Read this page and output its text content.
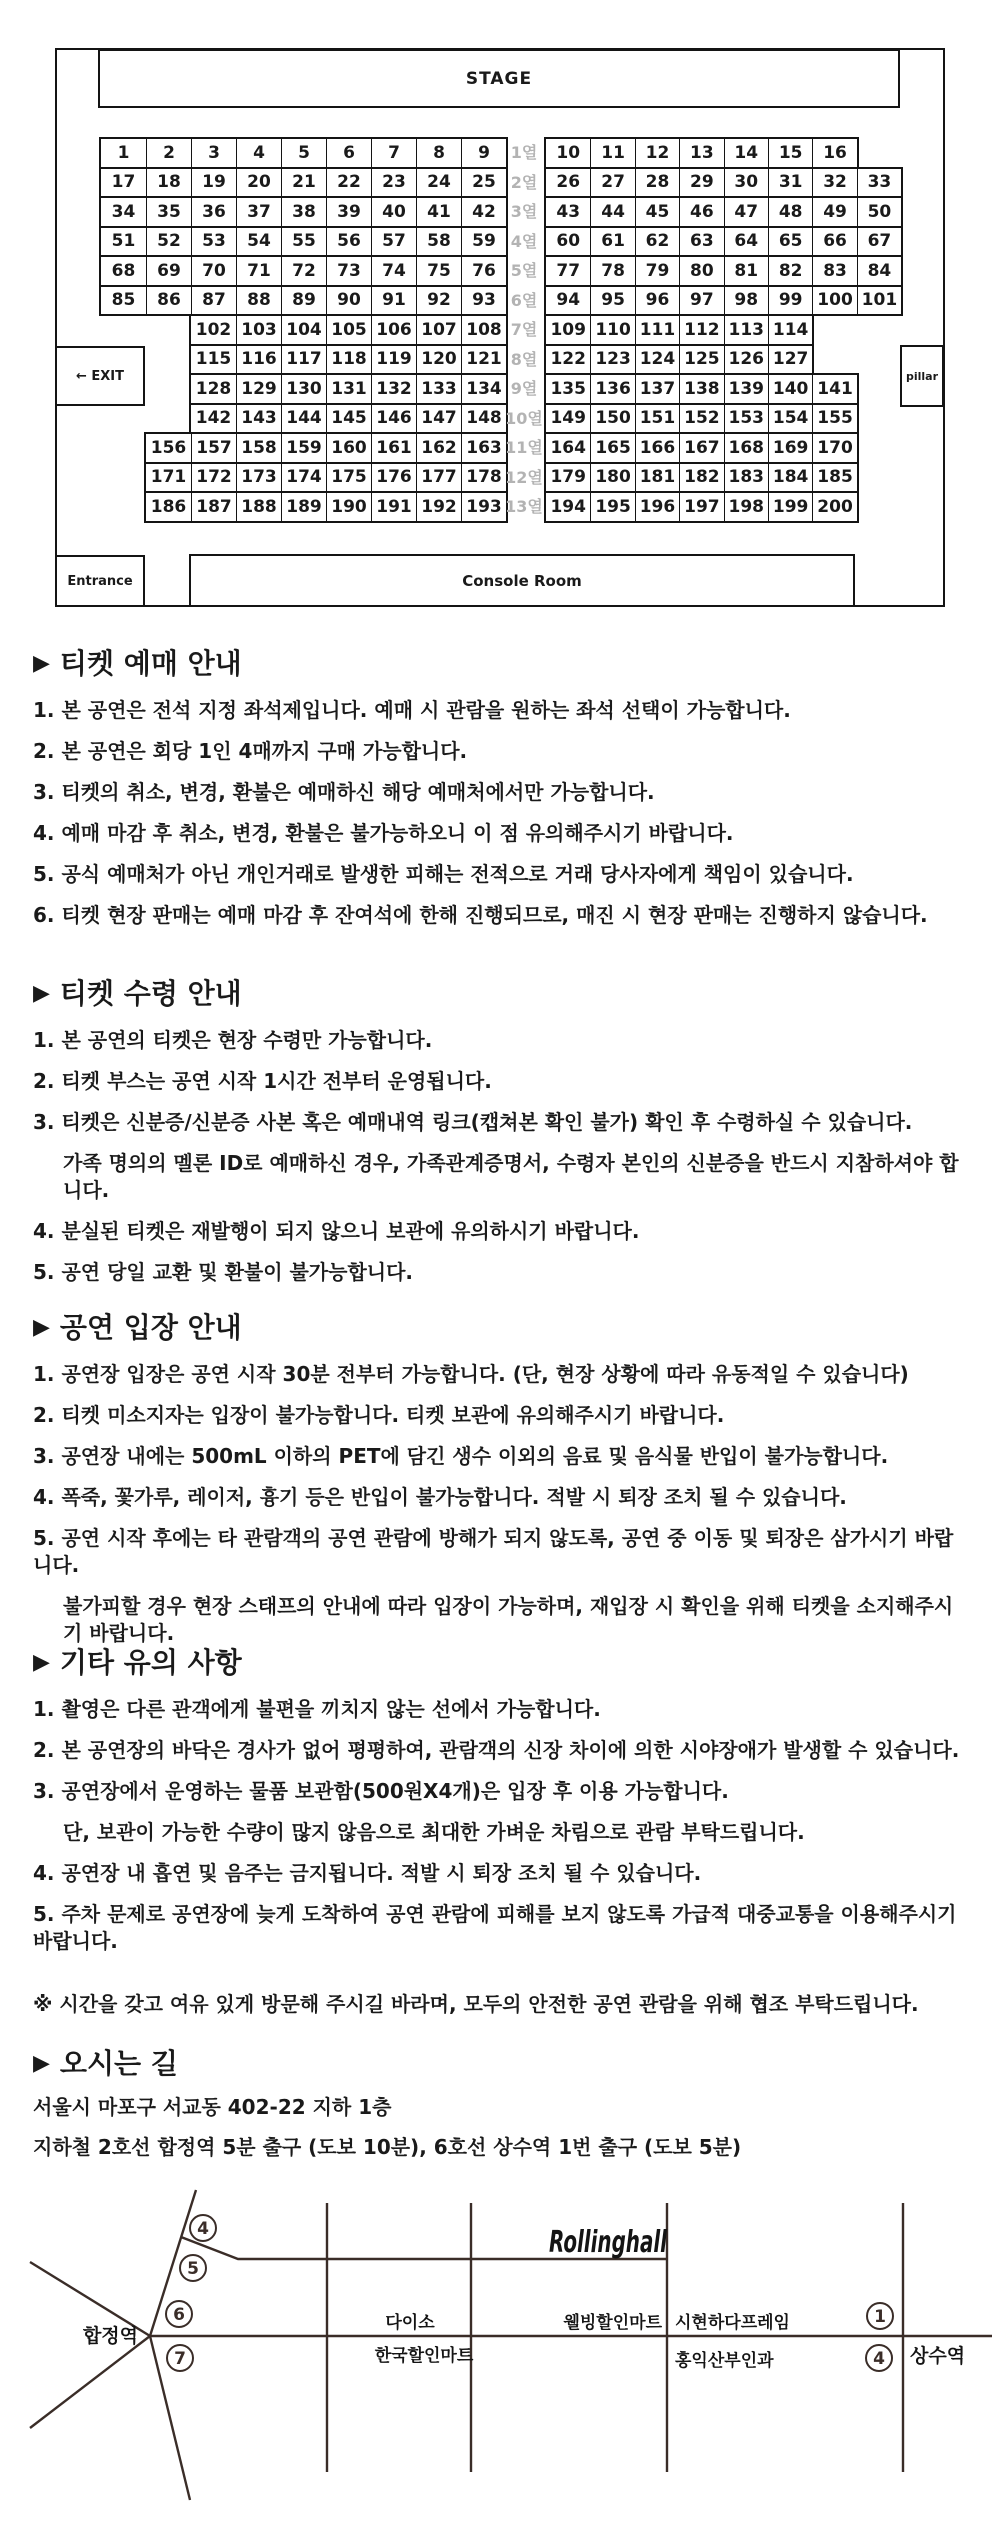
STAGE
← EXIT	pillar
Entrance	Console Room
1	2	3	4	5	6	7	8	9	10	11	12	13	14	15	16
1열
17	18	19	20	21	22	23	24	25	26	27	28	29	30	31	32	33
2열
34	35	36	37	38	39	40	41	42	43	44	45	46	47	48	49	50
3열
51	52	53	54	55	56	57	58	59	60	61	62	63	64	65	66	67
4열
68	69	70	71	72	73	74	75	76	77	78	79	80	81	82	83	84
5열
85	86	87	88	89	90	91	92	93	94	95	96	97	98	99 100 101
6열
102 103 104 105 106 107 108	109 110 111 112 113 114
7열
115 116 117 118 119 120 121	122 123 124 125 126 127
8열
128 129 130 131 132 133 134	135 136 137 138 139 140 141
9열
142 143 144 145 146 147 148	149 150 151 152 153 154 155
10열
156 157 158 159 160 161 162 163	164 165 166 167 168 169 170
11열
171 172 173 174 175 176 177 178	179 180 181 182 183 184 185
12열
186 187 188 189 190 191 192 193	194 195 196 197 198 199 200
13열
▶ 티켓 예매 안내

1. 본 공연은 전석 지정 좌석제입니다. 예매 시 관람을 원하는 좌석 선택이 가능합니다.

2. 본 공연은 회당 1인 4매까지 구매 가능합니다.

3. 티켓의 취소, 변경, 환불은 예매하신 해당 예매처에서만 가능합니다.

4. 예매 마감 후 취소, 변경, 환불은 불가능하오니 이 점 유의해주시기 바랍니다.

5. 공식 예매처가 아닌 개인거래로 발생한 피해는 전적으로 거래 당사자에게 책임이 있습니다.

6. 티켓 현장 판매는 예매 마감 후 잔여석에 한해 진행되므로, 매진 시 현장 판매는 진행하지 않습니다.

▶ 티켓 수령 안내

1. 본 공연의 티켓은 현장 수령만 가능합니다.

2. 티켓 부스는 공연 시작 1시간 전부터 운영됩니다.

3. 티켓은 신분증/신분증 사본 혹은 예매내역 링크(캡쳐본 확인 불가) 확인 후 수령하실 수 있습니다.

가족 명의의 멜론 ID로 예매하신 경우, 가족관계증명서, 수령자 본인의 신분증을 반드시 지참하셔야 합니다.

4. 분실된 티켓은 재발행이 되지 않으니 보관에 유의하시기 바랍니다.

5. 공연 당일 교환 및 환불이 불가능합니다.

▶ 공연 입장 안내

1. 공연장 입장은 공연 시작 30분 전부터 가능합니다. (단, 현장 상황에 따라 유동적일 수 있습니다)

2. 티켓 미소지자는 입장이 불가능합니다. 티켓 보관에 유의해주시기 바랍니다.

3. 공연장 내에는 500mL 이하의 PET에 담긴 생수 이외의 음료 및 음식물 반입이 불가능합니다.

4. 폭죽, 꽃가루, 레이저, 흉기 등은 반입이 불가능합니다. 적발 시 퇴장 조치 될 수 있습니다.

5. 공연 시작 후에는 타 관람객의 공연 관람에 방해가 되지 않도록, 공연 중 이동 및 퇴장은 삼가시기 바랍니다.

불가피할 경우 현장 스태프의 안내에 따라 입장이 가능하며, 재입장 시 확인을 위해 티켓을 소지해주시기 바랍니다.

▶ 기타 유의 사항

1. 촬영은 다른 관객에게 불편을 끼치지 않는 선에서 가능합니다.

2. 본 공연장의 바닥은 경사가 없어 평평하여, 관람객의 신장 차이에 의한 시야장애가 발생할 수 있습니다.

3. 공연장에서 운영하는 물품 보관함(500원X4개)은 입장 후 이용 가능합니다.

단, 보관이 가능한 수량이 많지 않음으로 최대한 가벼운 차림으로 관람 부탁드립니다.

4. 공연장 내 흡연 및 음주는 금지됩니다. 적발 시 퇴장 조치 될 수 있습니다.

5. 주차 문제로 공연장에 늦게 도착하여 공연 관람에 피해를 보지 않도록 가급적 대중교통을 이용해주시기 바랍니다.

※ 시간을 갖고 여유 있게 방문해 주시길 바라며, 모두의 안전한 공연 관람을 위해 협조 부탁드립니다.

▶ 오시는 길

서울시 마포구 서교동 402-22 지하 1층

지하철 2호선 합정역 5분 출구 (도보 10분), 6호선 상수역 1번 출구 (도보 5분)

4
5
6
7
1
4
Rollinghall
합정역
다이소	웰빙할인마트 시현하다프레임
한국할인마트	홍익산부인과	상수역
